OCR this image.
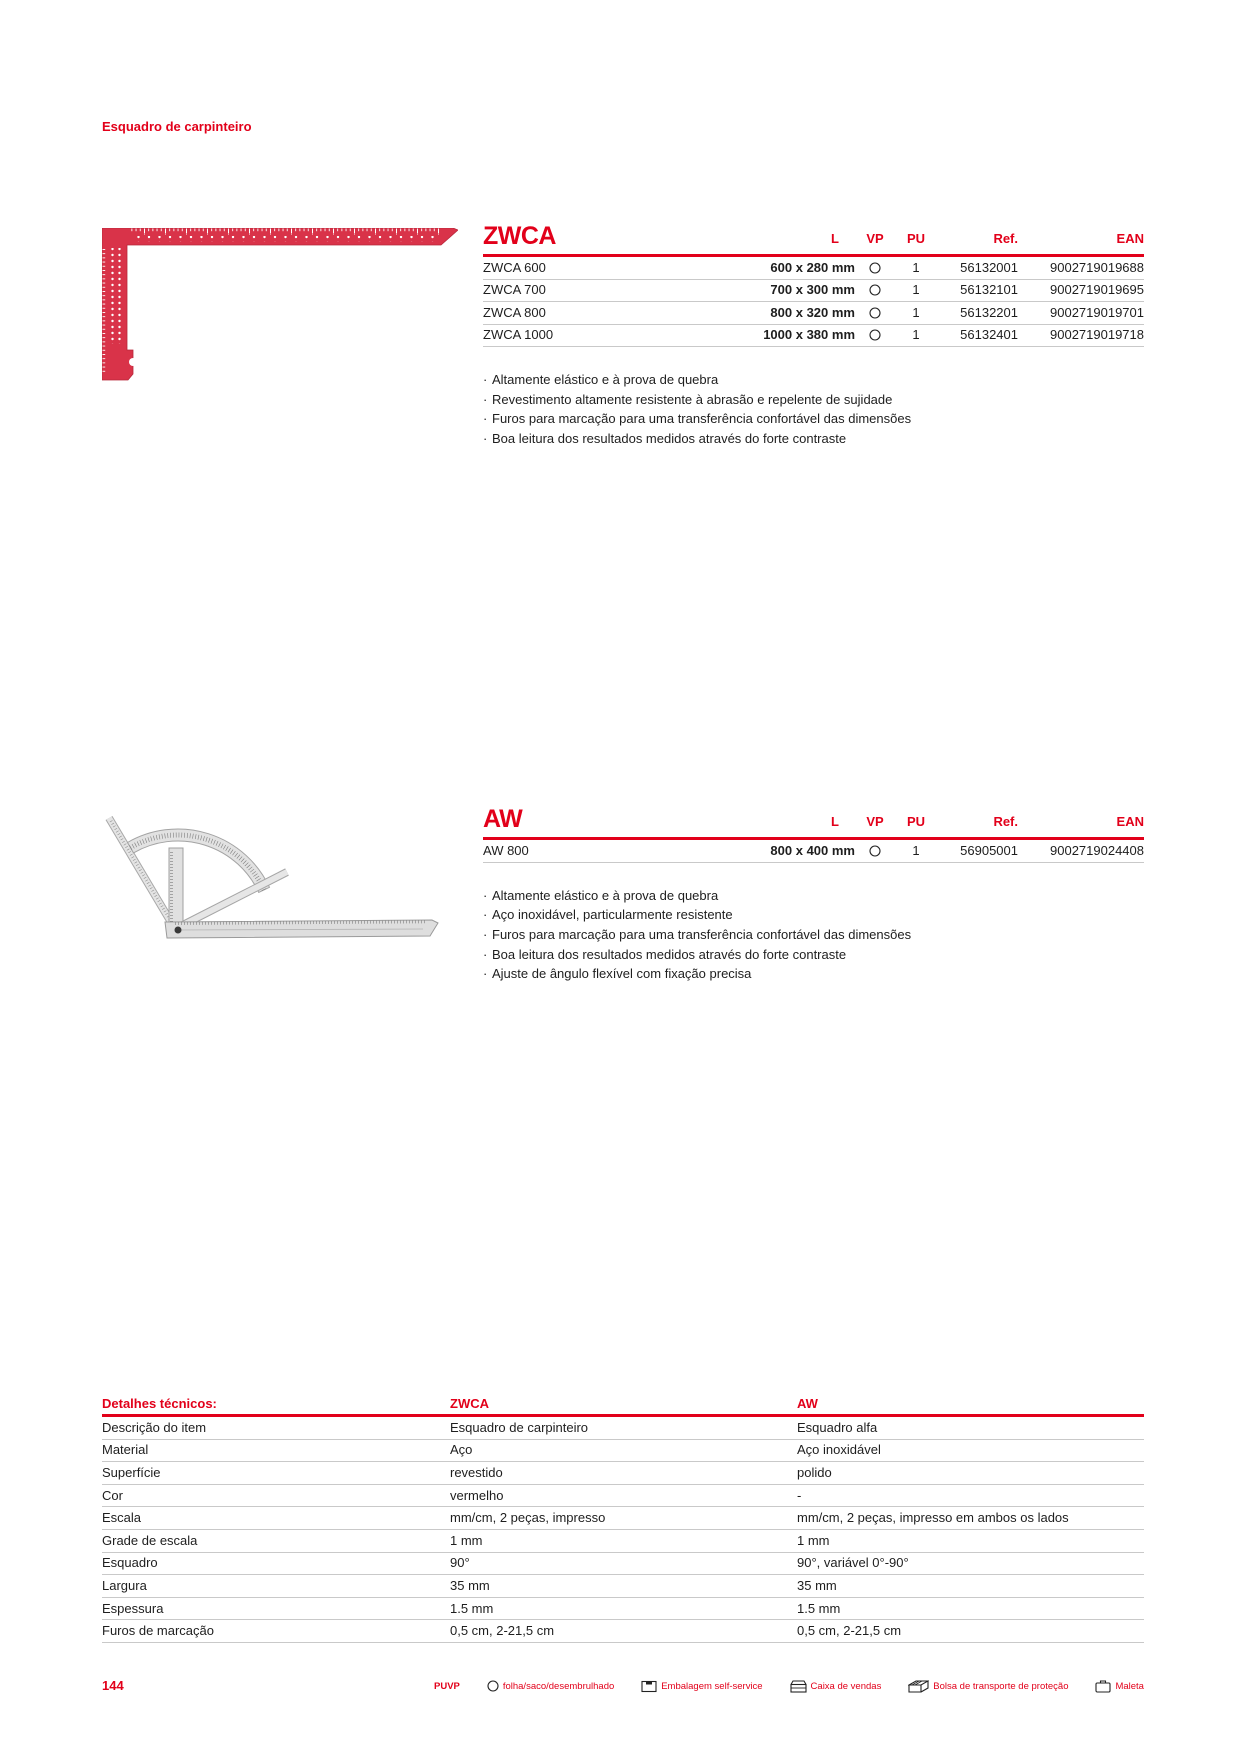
Esquadro de carpinteiro
ZWCA	L	VP	PU	Ref.	EAN
ZWCA 600	600 x 280 mm	1	56132001	9002719019688
ZWCA 700	700 x 300 mm	1	56132101	9002719019695
ZWCA 800	800 x 320 mm	1	56132201	9002719019701
ZWCA 1000	1000 x 380 mm	1	56132401	9002719019718
· Altamente elástico e à prova de quebra
· Revestimento altamente resistente à abrasão e repelente de sujidade
· Furos para marcação para uma transferência confortável das dimensões
· Boa leitura dos resultados medidos através do forte contraste
AW	L	VP	PU	Ref.	EAN
AW 800	800 x 400 mm	1	56905001	9002719024408
· Altamente elástico e à prova de quebra
· Aço inoxidável, particularmente resistente
· Furos para marcação para uma transferência confortável das dimensões
· Boa leitura dos resultados medidos através do forte contraste
· Ajuste de ângulo flexível com fixação precisa
Detalhes técnicos:	ZWCA	AW
Descrição do item	Esquadro de carpinteiro	Esquadro alfa
Material	Aço	Aço inoxidável
Superfície	revestido	polido
Cor	vermelho	-
Escala	mm/cm, 2 peças, impresso	mm/cm, 2 peças, impresso em ambos os lados
Grade de escala	1 mm	1 mm
Esquadro	90°	90°, variável 0°-90°
Largura	35 mm	35 mm
Espessura	1.5 mm	1.5 mm
Furos de marcação	0,5 cm, 2-21,5 cm	0,5 cm, 2-21,5 cm
144	PUVP	folha/saco/desembrulhado	Embalagem self-service	Caixa de vendas	Bolsa de transporte de proteção	Maleta
